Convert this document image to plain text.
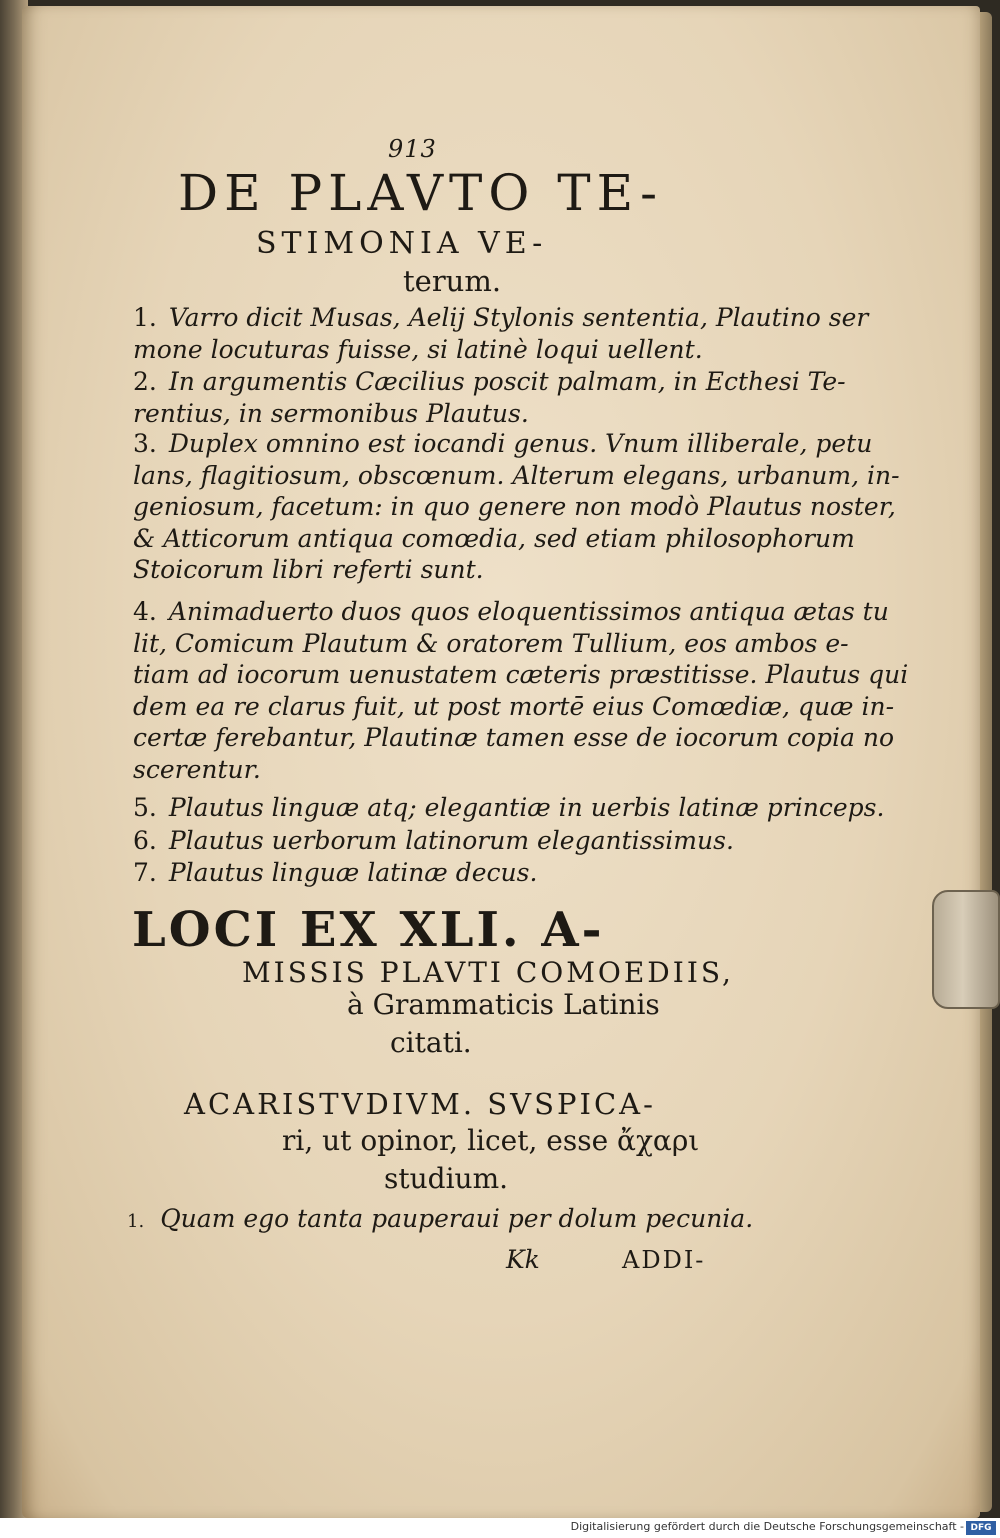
913
DE PLAVTO TE-
STIMONIA VE-
terum.
1. Varro dicit Musas, Aelij Stylonis sententia, Plautino ser
mone locuturas fuisse, si latinè loqui uellent.
2. In argumentis Cæcilius poscit palmam, in Ecthesi Te-
rentius, in sermonibus Plautus.
3. Duplex omnino est iocandi genus. Vnum illiberale, petu
lans, flagitiosum, obscœnum. Alterum elegans, urbanum, in-
geniosum, facetum: in quo genere non modò Plautus noster,
& Atticorum antiqua comœdia, sed etiam philosophorum
Stoicorum libri referti sunt.
4. Animaduerto duos quos eloquentissimos antiqua ætas tu
lit, Comicum Plautum & oratorem Tullium, eos ambos e-
tiam ad iocorum uenustatem cæteris præstitisse. Plautus qui
dem ea re clarus fuit, ut post mortē eius Comœdiæ, quæ in-
certæ ferebantur, Plautinæ tamen esse de iocorum copia no
scerentur.
5. Plautus linguæ atq; elegantiæ in uerbis latinæ princeps.
6. Plautus uerborum latinorum elegantissimus.
7. Plautus linguæ latinæ decus.
LOCI EX XLI. A-
MISSIS PLAVTI COMOEDIIS,
à Grammaticis Latinis
citati.
ACARISTVDIVM. SVSPICA-
ri, ut opinor, licet, esse ἄχαρι
studium.
1. Quam ego tanta pauperaui per dolum pecunia.
Kk	ADDI-
Digitalisierung gefördert durch die Deutsche Forschungsgemeinschaft - DFG
